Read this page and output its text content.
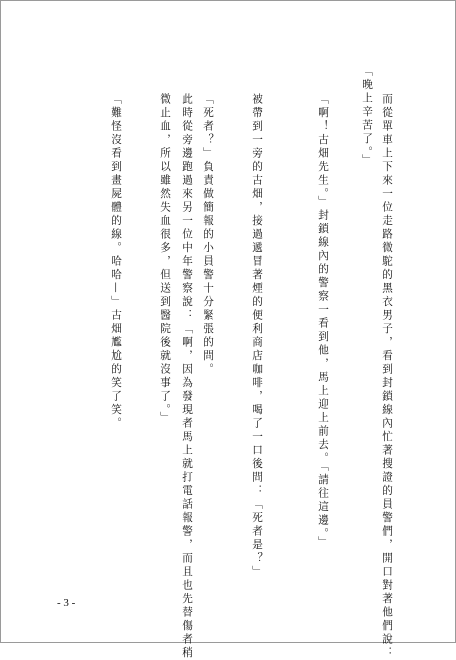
而從單車上下來一位走路微駝的黑衣男子，看到封鎖線內忙著搜證的員警們，開口對著他們說：
「晚上辛苦了。」
「啊！古畑先生。」封鎖線內的警察一看到他，馬上迎上前去。「請往這邊。」
被帶到一旁的古畑，接過遞冒著煙的便利商店咖啡，喝了一口後問：「死者是？」
「死者？」負責做簡報的小員警十分緊張的問。
此時從旁邊跑過來另一位中年警察說：「啊，因為發現者馬上就打電話報警，而且也先替傷者稍
微止血，所以雖然失血很多，但送到醫院後就沒事了。」
「難怪沒看到畫屍體的線。哈哈—」古畑尷尬的笑了笑。
- 3 -
